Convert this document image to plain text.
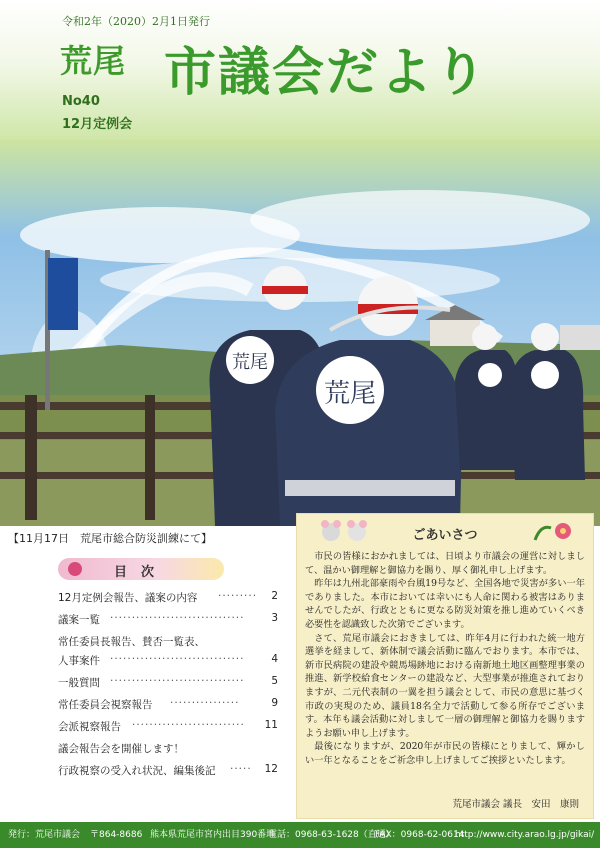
令和2年（2020）2月1日発行
荒尾 市議会だより
No40
12月定例会
荒尾
荒尾
【11月17日　荒尾市総合防災訓練にて】
目次
12月定例会報告、議案の内容 ········· 2
議案一覧 ·······························	3
常任委員長報告、賛否一覧表、
人事案件 ·······························	4
一般質問 ·······························	5
常任委員会視察報告 ················	9
会派視察報告 ·························· 11
議会報告会を開催します！
行政視察の受入れ状況、編集後記 ····· 12
ごあいさつ

市民の皆様におかれましては、日頃より市議会の運営に対しまして、温かい御理解と御協力を賜り、厚く御礼申し上げます。

昨年は九州北部豪雨や台風19号など、全国各地で災害が多い一年でありました。本市においては幸いにも人命に関わる被害はありませんでしたが、行政とともに更なる防災対策を推し進めていくべき必要性を認識致した次第でございます。

さて、荒尾市議会におきましては、昨年4月に行われた統一地方選挙を経まして、新体制で議会活動に臨んでおります。本市では、新市民病院の建設や競馬場跡地における南新地土地区画整理事業の推進、新学校給食センターの建設など、大型事業が推進されておりますが、二元代表制の一翼を担う議会として、市民の意思に基づく市政の実現のため、議員18名全力で活動して参る所存でございます。本年も議会活動に対しまして一層の御理解と御協力を賜りますようお願い申し上げます。

最後になりますが、2020年が市民の皆様にとりまして、輝かしい一年となることをご祈念申し上げましてご挨拶といたします。

荒尾市議会 議長　安田　康則
発行：荒尾市議会 〒864-8686 熊本県荒尾市宮内出目390番地
電話：0968-63-1628（直通）
FAX：0968-62-0614
http://www.city.arao.lg.jp/gikai/
